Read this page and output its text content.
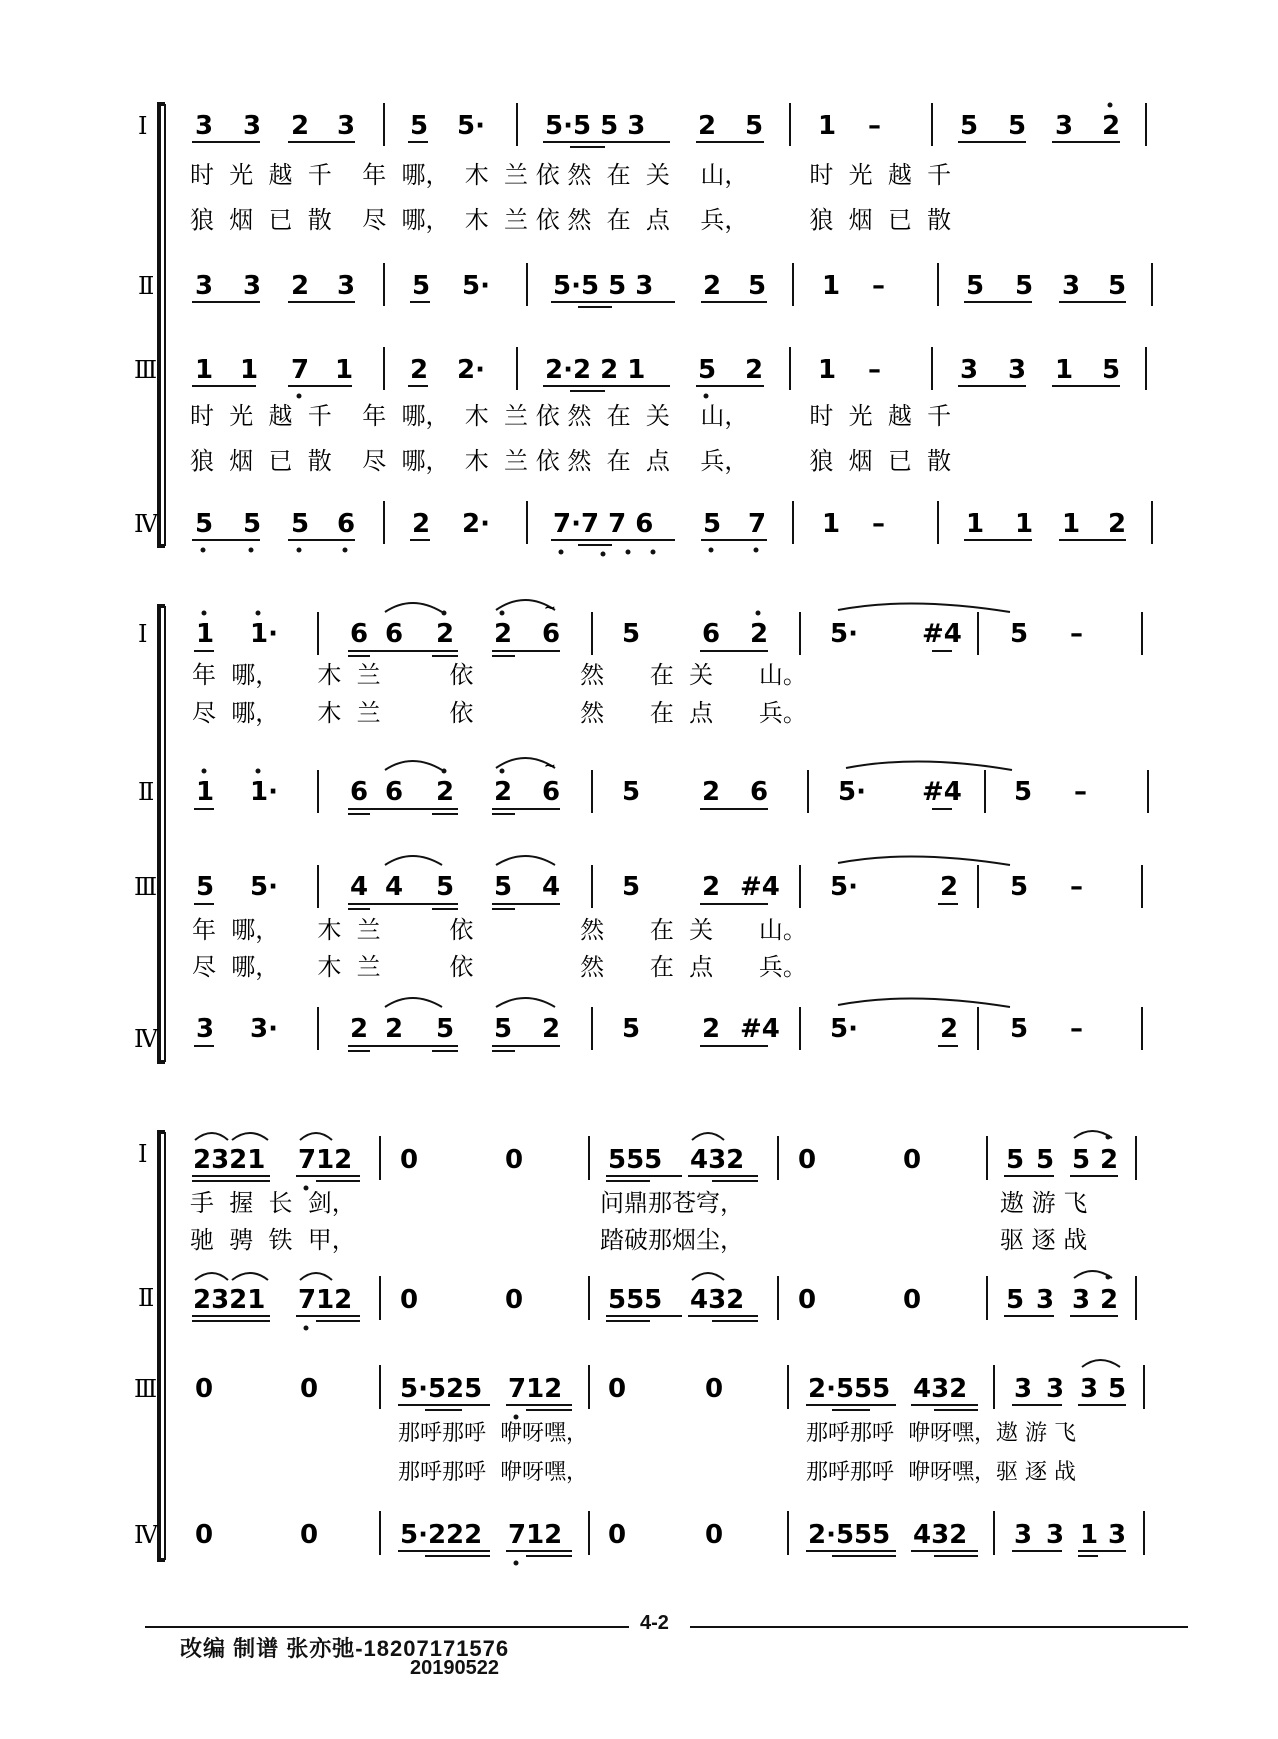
Ⅰ
Ⅱ
Ⅲ
Ⅳ
3 3 2 3 5 5· 5·5 5 3 2 5 1 –	5 5 3 2
时  光  越  千    年  哪，  木  兰 依 然  在  关    山，        时  光  越  千
狼  烟  已  散    尽  哪，  木  兰 依 然  在  点    兵，        狼  烟  已  散
3 3 2 3 5 5· 5·5 5 3 2 5 1 –	5 5 3 5
1 1 7 1 2 2· 2·2 2 1 5 2 1 –	3 3 1 5
时  光  越  千    年  哪，  木  兰 依 然  在  关    山，        时  光  越  千
狼  烟  已  散    尽  哪，  木  兰 依 然  在  点    兵，        狼  烟  已  散
5 5 5 6 2 2· 7·7 7 6 5 7 1 –	1 1 1 2
Ⅰ
Ⅱ
Ⅲ
Ⅳ
1 1·	6 6 2 2 6
~
5 6 2 5· #4 5 –
年  哪，     木  兰         依              然      在  关      山。
尽  哪，     木  兰         依              然      在  点      兵。
1 1·	6 6 2 2 6
~
5 2 6	5· #4 5 –
5 5·	4 4 5 5 4 5 2 #4 5·	2 5 –
年  哪，     木  兰         依              然      在  关      山。
尽  哪，     木  兰         依              然      在  点      兵。
3 3·	2 2 5 5 2 5 2 #4 5·	2 5 –
Ⅰ
Ⅱ
Ⅲ
Ⅳ
2321 712 0	0	555 432 0	0	5 5 5 2
手  握  长  剑，	问鼎那苍穹，	遨 游 飞
驰  骋  铁  甲，	踏破那烟尘，	驱 逐 战
2321 712 0	0	555 432 0	0	5 3 3 2
0	0	5·525 712 0	0	2·555 432 3 3 3 5
那呼那呼  咿呀嘿，	那呼那呼  咿呀嘿，遨 游 飞
那呼那呼  咿呀嘿，	那呼那呼  咿呀嘿，驱 逐 战
0	0	5·222 712 0	0	2·555 432 3 3 1 3
4-2
改编 制谱 张亦弛-18207171576
20190522
